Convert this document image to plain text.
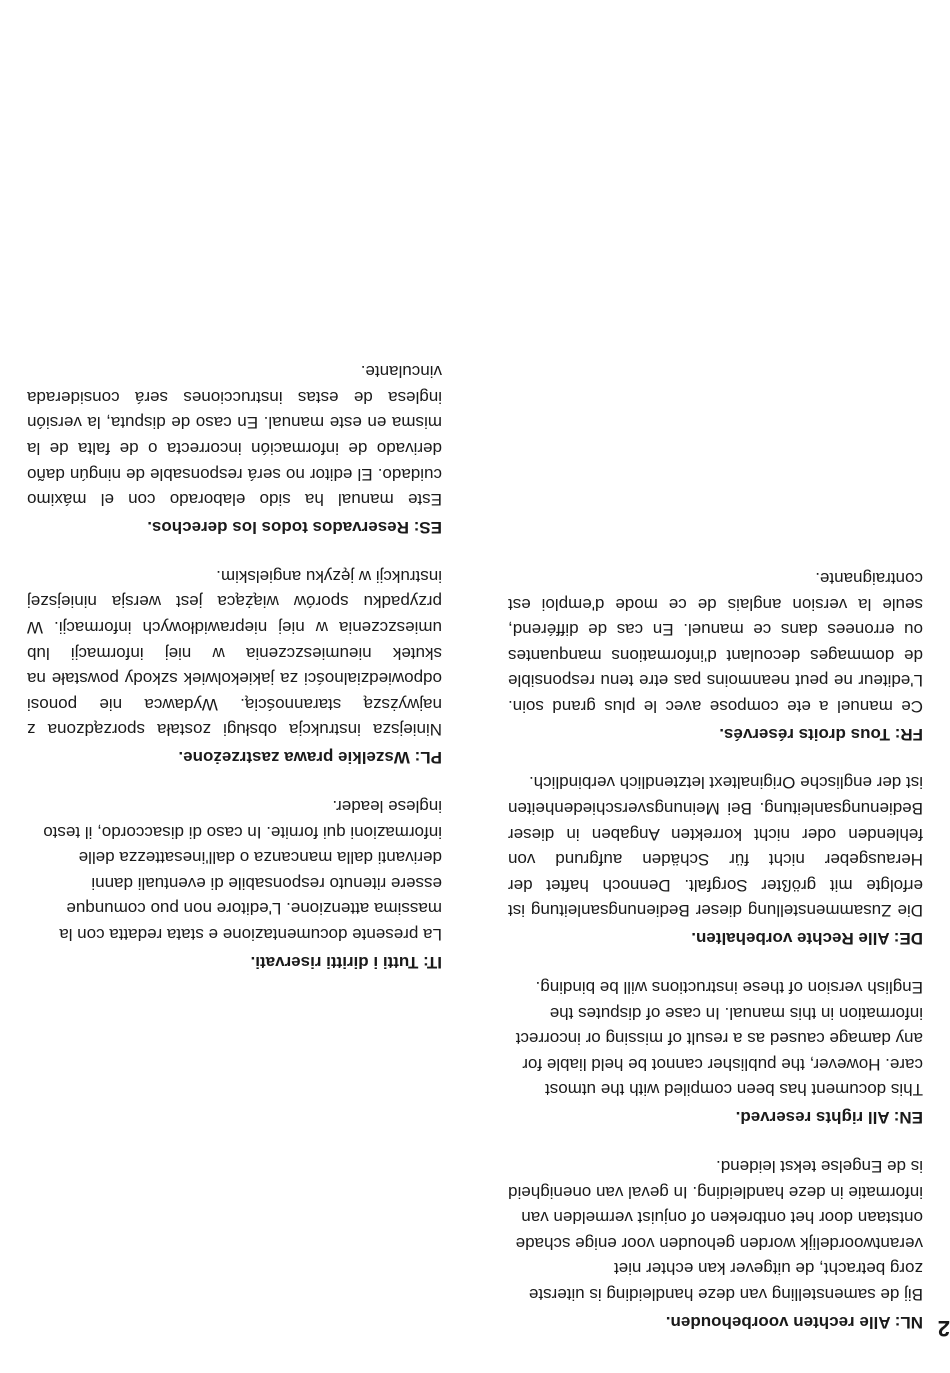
2
NL: Alle rechten voorbehouden.

Bij de samenstelling van deze handleiding is uiterste zorg betracht, de uitgever kan echter niet verantwoordelijk worden gehouden voor enige schade ontstaan door het ontbreken of onjuist vermelden van informatie in deze handleiding. In geval van onenigheid is de Engelse tekst leidend.

EN: All rights reserved.

This document has been compiled with the utmost care. However, the publisher cannot be held liable for any damage caused as a result of missing or incorrect information in this manual. In case of disputes the English version of these instructions will be binding.

DE: Alle Rechte vorbehalten.

Die Zusammenstellung dieser Bedienungsanleitung ist erfolgte mit größter Sorgfalt. Dennoch haftet der Herausgeber nicht für Schäden aufgrund von fehlenden oder nicht korrekten Angaben in dieser Bedienungsanleitung. Bei Meinungsverschiedenheiten ist der englische Originaltext letztendlich verbindlich.

FR: Tous droits réservés.

Ce manuel a ete compose avec le plus grand soin. L'editeur ne peut neanmoins pas etre tenu responsible de dommages decoulant d'informations manquantes ou erronees dans ce manuel. En cas de différend, seule la version anglais de ce mode d'emploi est contraignante.

IT: Tutti i diritti riservati.

La presente documentazione e stata redatta con la massima attenzione. L'editore non puo comunque essere ritenuto responsabile di eventuali danni derivanti dalla mancanza o dall'inesattezza delle informazioni qui fornite. In caso di disaccordo, il testo inglese leader.

PL: Wszelkie prawa zastrzeżone.

Niniejsza instrukcja obsługi została sporządzona z najwyższą starannością. Wydawca nie ponosi odpowiedzialności za jakiekolwiek szkody powstałe na skutek nieumieszczenia w niej informacji lub umieszczenia w niej nieprawidłowych informacji. W przypadku sporów wiążąca jest wersja niniejszej instrukcji w języku angielskim.

ES: Reservados todos los derechos.

Este manual ha sido elaborado con el máximo cuidado. El editor no será responsable de ningún daño derivado de información incorrecta o de falta de la misma en este manual. En caso de disputa, la versión inglesa de estas instrucciones será considerada vinculante.
